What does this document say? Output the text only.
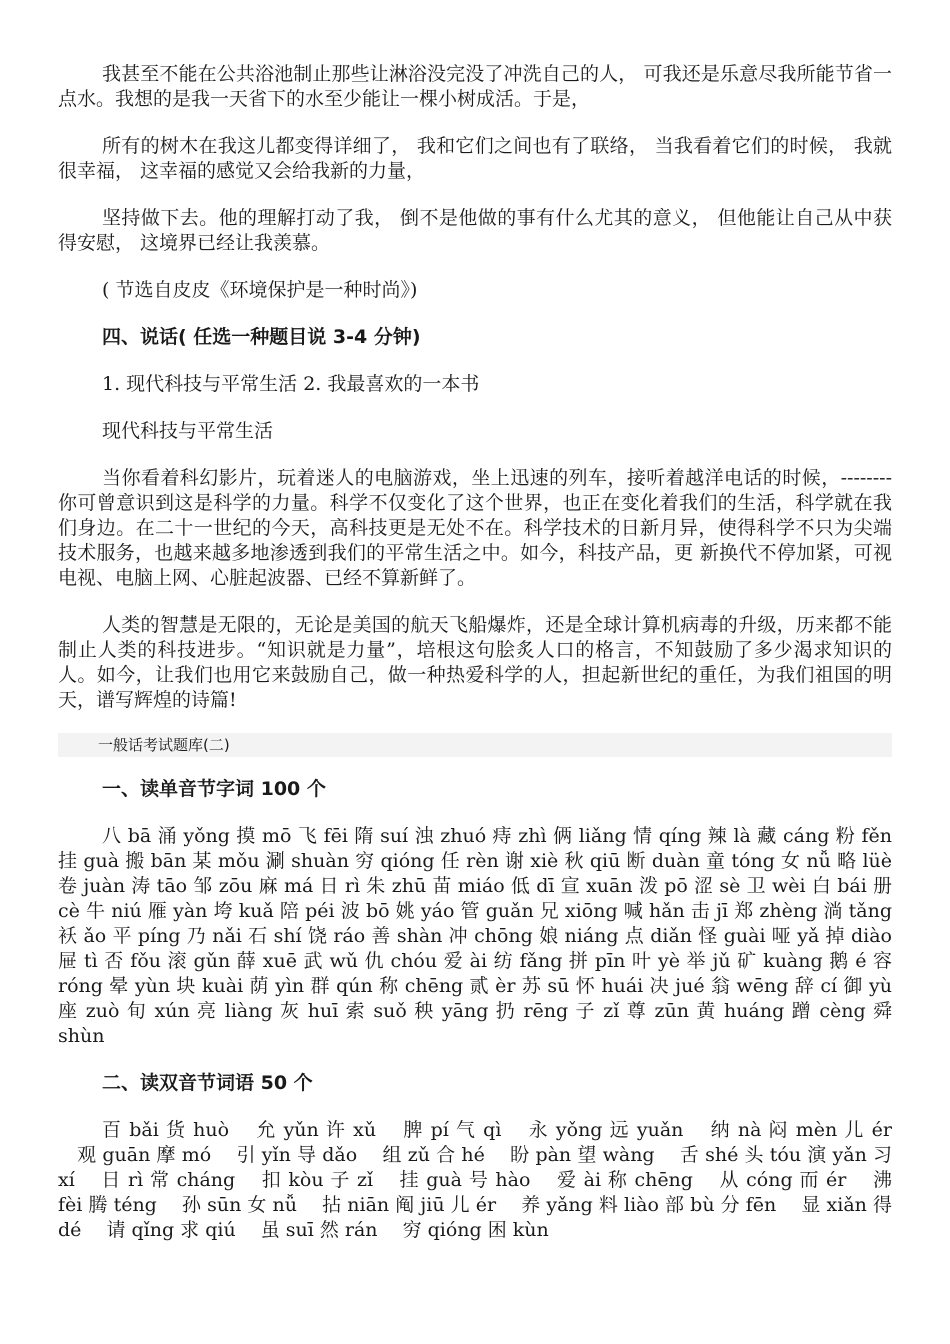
我甚至不能在公共浴池制止那些让淋浴没完没了冲洗自己的人， 可我还是乐意尽我所能节省一点水。我想的是我一天省下的水至少能让一棵小树成活。于是，

所有的树木在我这儿都变得详细了， 我和它们之间也有了联络， 当我看着它们的时候， 我就很幸福， 这幸福的感觉又会给我新的力量，

坚持做下去。他的理解打动了我， 倒不是他做的事有什么尤其的意义， 但他能让自己从中获得安慰， 这境界已经让我羡慕。

( 节选自皮皮《环境保护是一种时尚》)

四、说话( 任选一种题目说 3-4 分钟)

1. 现代科技与平常生活 2. 我最喜欢的一本书

现代科技与平常生活

当你看着科幻影片，玩着迷人的电脑游戏，坐上迅速的列车，接听着越洋电话的时候，--------你可曾意识到这是科学的力量。科学不仅变化了这个世界，也正在变化着我们的生活，科学就在我们身边。在二十一世纪的今天，高科技更是无处不在。科学技术的日新月异，使得科学不只为尖端技术服务，也越来越多地渗透到我们的平常生活之中。如今，科技产品，更 新换代不停加紧，可视电视、电脑上网、心脏起波器、已经不算新鲜了。

人类的智慧是无限的，无论是美国的航天飞船爆炸，还是全球计算机病毒的升级，历来都不能制止人类的科技进步。“知识就是力量”，培根这句脍炙人口的格言，不知鼓励了多少渴求知识的人。如今，让我们也用它来鼓励自己，做一种热爱科学的人，担起新世纪的重任，为我们祖国的明天，谱写辉煌的诗篇!

一般话考试题库(二)

一、读单音节字词 100 个

八 bā 涌 yǒng 摸 mō 飞 fēi 隋 suí 浊 zhuó 痔 zhì 俩 liǎng 情 qíng 辣 là 藏 cáng 粉 fěn 挂 guà 搬 bān 某 mǒu 涮 shuàn 穷 qióng 任 rèn 谢 xiè 秋 qiū 断 duàn 童 tóng 女 nǚ 略 lüè 卷 juàn 涛 tāo 邹 zōu 麻 má 日 rì 朱 zhū 苗 miáo 低 dī 宣 xuān 泼 pō 涩 sè 卫 wèi 白 bái 册 cè 牛 niú 雁 yàn 垮 kuǎ 陪 péi 波 bō 姚 yáo 管 guǎn 兄 xiōng 喊 hǎn 击 jī 郑 zhèng 淌 tǎng 袄 ǎo 平 píng 乃 nǎi 石 shí 饶 ráo 善 shàn 冲 chōng 娘 niáng 点 diǎn 怪 guài 哑 yǎ 掉 diào 屉 tì 否 fǒu 滚 gǔn 薛 xuē 武 wǔ 仇 chóu 爱 ài 纺 fǎng 拼 pīn 叶 yè 举 jǔ 矿 kuàng 鹅 é 容 róng 晕 yùn 块 kuài 荫 yìn 群 qún 称 chēng 贰 èr 苏 sū 怀 huái 决 jué 翁 wēng 辞 cí 御 yù 座 zuò 旬 xún 亮 liàng 灰 huī 索 suǒ 秧 yāng 扔 rēng 子 zǐ 尊 zūn 黄 huáng 蹭 cèng 舜 shùn

二、读双音节词语 50 个

百 bǎi 货 huò 　允 yǔn 许 xǔ 　脾 pí 气 qì 　永 yǒng 远 yuǎn 　纳 nà 闷 mèn 儿 ér 　观 guān 摩 mó 　引 yǐn 导 dǎo 　组 zǔ 合 hé 　盼 pàn 望 wàng 　舌 shé 头 tóu 演 yǎn 习 xí 　日 rì 常 cháng 　扣 kòu 子 zǐ 　挂 guà 号 hào 　爱 ài 称 chēng 　从 cóng 而 ér 　沸 fèi 腾 téng 　孙 sūn 女 nǚ 　拈 niān 阄 jiū 儿 ér 　养 yǎng 料 liào 部 bù 分 fēn 　显 xiǎn 得 dé 　请 qǐng 求 qiú 　虽 suī 然 rán 　穷 qióng 困 kùn
